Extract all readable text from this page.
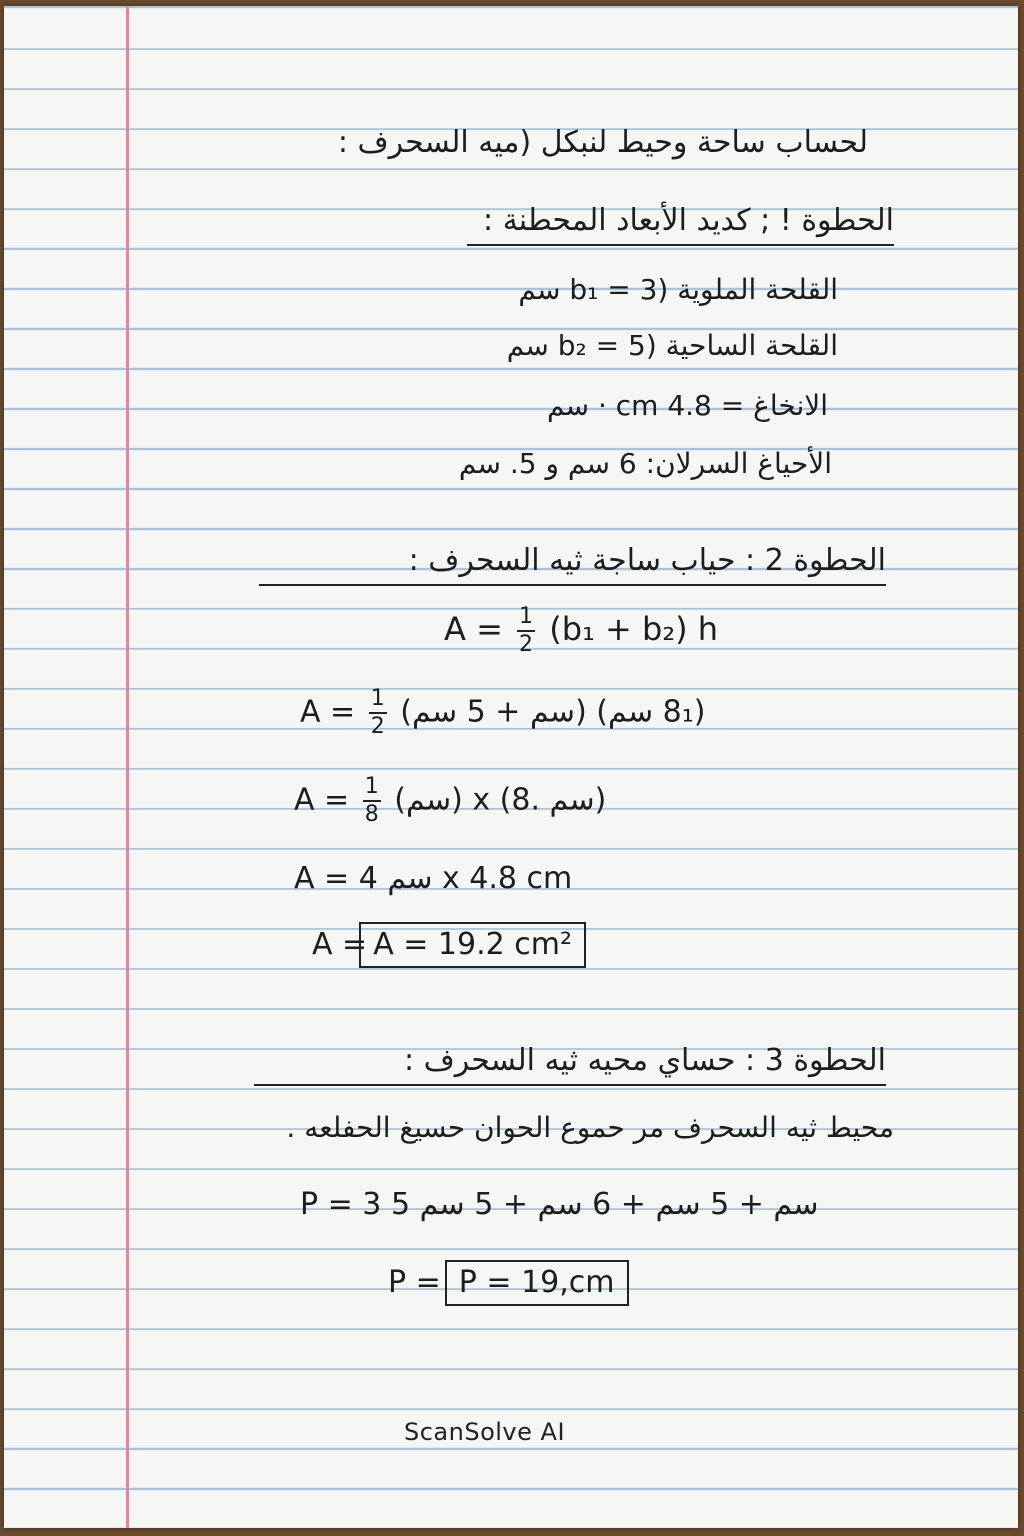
لحساب ساحة وحيط لنبكل (ميه السحرف :
الحطوة ! ; كديد الأبعاد المحطنة :
القلحة الملوية (b₁ = 3 سم
القلحة الساحية (b₂ = 5 سم
الانخاغ = 4.8 cm · سم
الأحياغ السرلان: 6 سم و 5. سم
الحطوة 2 : حياب ساجة ثيه السحرف :
$A = \frac{1}{2} (b_1 + b_2)$ h
$A = \frac{1}{2}$ (سم + 5 سم) (8₁ سم)
$A = \frac{1}{8}$ (سم) x (8. سم)
A = 4 سم x 4.8 cm
A = A = 19.2 cm²
الحطوة 3 : حساي محيه ثيه السحرف :
محيط ثيه السحرف مر حموع الحوان حسيغ الحفلعه .
P = 3 سم + 5 سم + 6 سم + 5 سم 5
P = P = 19,cm
ScanSolve AI
